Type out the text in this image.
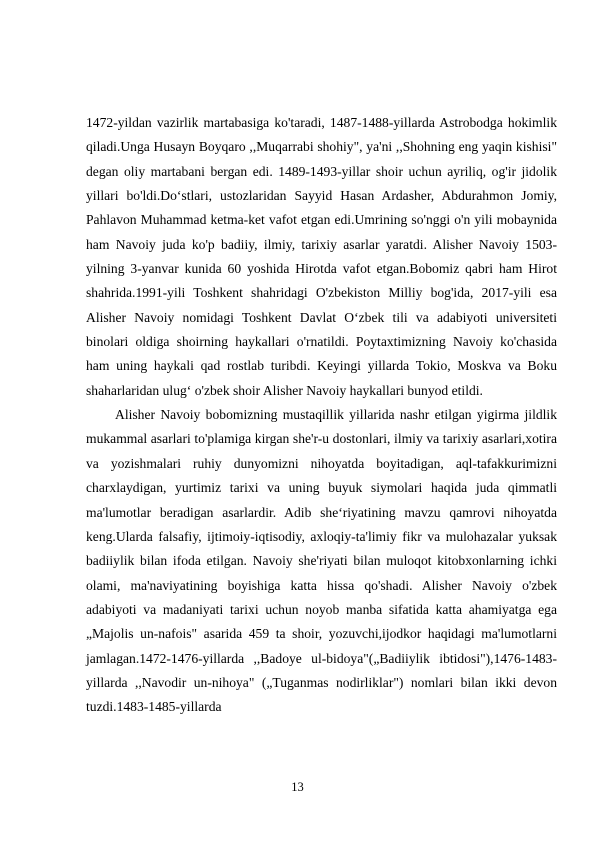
1472-yildan vazirlik martabasiga ko'taradi, 1487-1488-yillarda Astrobodga hokimlik qiladi.Unga Husayn Boyqaro ,,Muqarrabi shohiy", ya'ni ,,Shohning eng yaqin kishisi" degan oliy martabani bergan edi. 1489-1493-yillar shoir uchun ayriliq, og'ir jidolik yillari bo'ldi.Do‘stlari, ustozlaridan Sayyid Hasan Ardasher, Abdurahmon Jomiy, Pahlavon Muhammad ketma-ket vafot etgan edi.Umrining so'nggi o'n yili mobaynida ham Navoiy juda ko'p badiiy, ilmiy, tarixiy asarlar yaratdi. Alisher Navoiy 1503-yilning 3-yanvar kunida 60 yoshida Hirotda vafot etgan.Bobomiz qabri ham Hirot shahrida.1991-yili Toshkent shahridagi O'zbekiston Milliy bog'ida, 2017-yili esa Alisher Navoiy nomidagi Toshkent Davlat O‘zbek tili va adabiyoti universiteti binolari oldiga shoirning haykallari o'rnatildi. Poytaxtimizning Navoiy ko'chasida ham uning haykali qad rostlab turibdi. Keyingi yillarda Tokio, Moskva va Boku shaharlaridan ulug‘ o'zbek shoir Alisher Navoiy haykallari bunyod etildi.

Alisher Navoiy bobomizning mustaqillik yillarida nashr etilgan yigirma jildlik mukammal asarlari to'plamiga kirgan she'r-u dostonlari, ilmiy va tarixiy asarlari,xotira va yozishmalari ruhiy dunyomizni nihoyatda boyitadigan, aql-tafakkurimizni charxlaydigan, yurtimiz tarixi va uning buyuk siymolari haqida juda qimmatli ma'lumotlar beradigan asarlardir. Adib she‘riyatining mavzu qamrovi nihoyatda keng.Ularda falsafiy, ijtimoiy-iqtisodiy, axloqiy-ta'limiy fikr va mulohazalar yuksak badiiylik bilan ifoda etilgan. Navoiy she'riyati bilan muloqot kitobxonlarning ichki olami, ma'naviyatining boyishiga katta hissa qo'shadi. Alisher Navoiy o'zbek adabiyoti va madaniyati tarixi uchun noyob manba sifatida katta ahamiyatga ega „Majolis un-nafois" asarida 459 ta shoir, yozuvchi,ijodkor haqidagi ma'lumotlarni jamlagan.1472-1476-yillarda ,,Badoye ul-bidoya"(„Badiiylik ibtidosi"),1476-1483-yillarda ,,Navodir un-nihoya" („Tuganmas nodirliklar") nomlari bilan ikki devon tuzdi.1483-1485-yillarda

13
